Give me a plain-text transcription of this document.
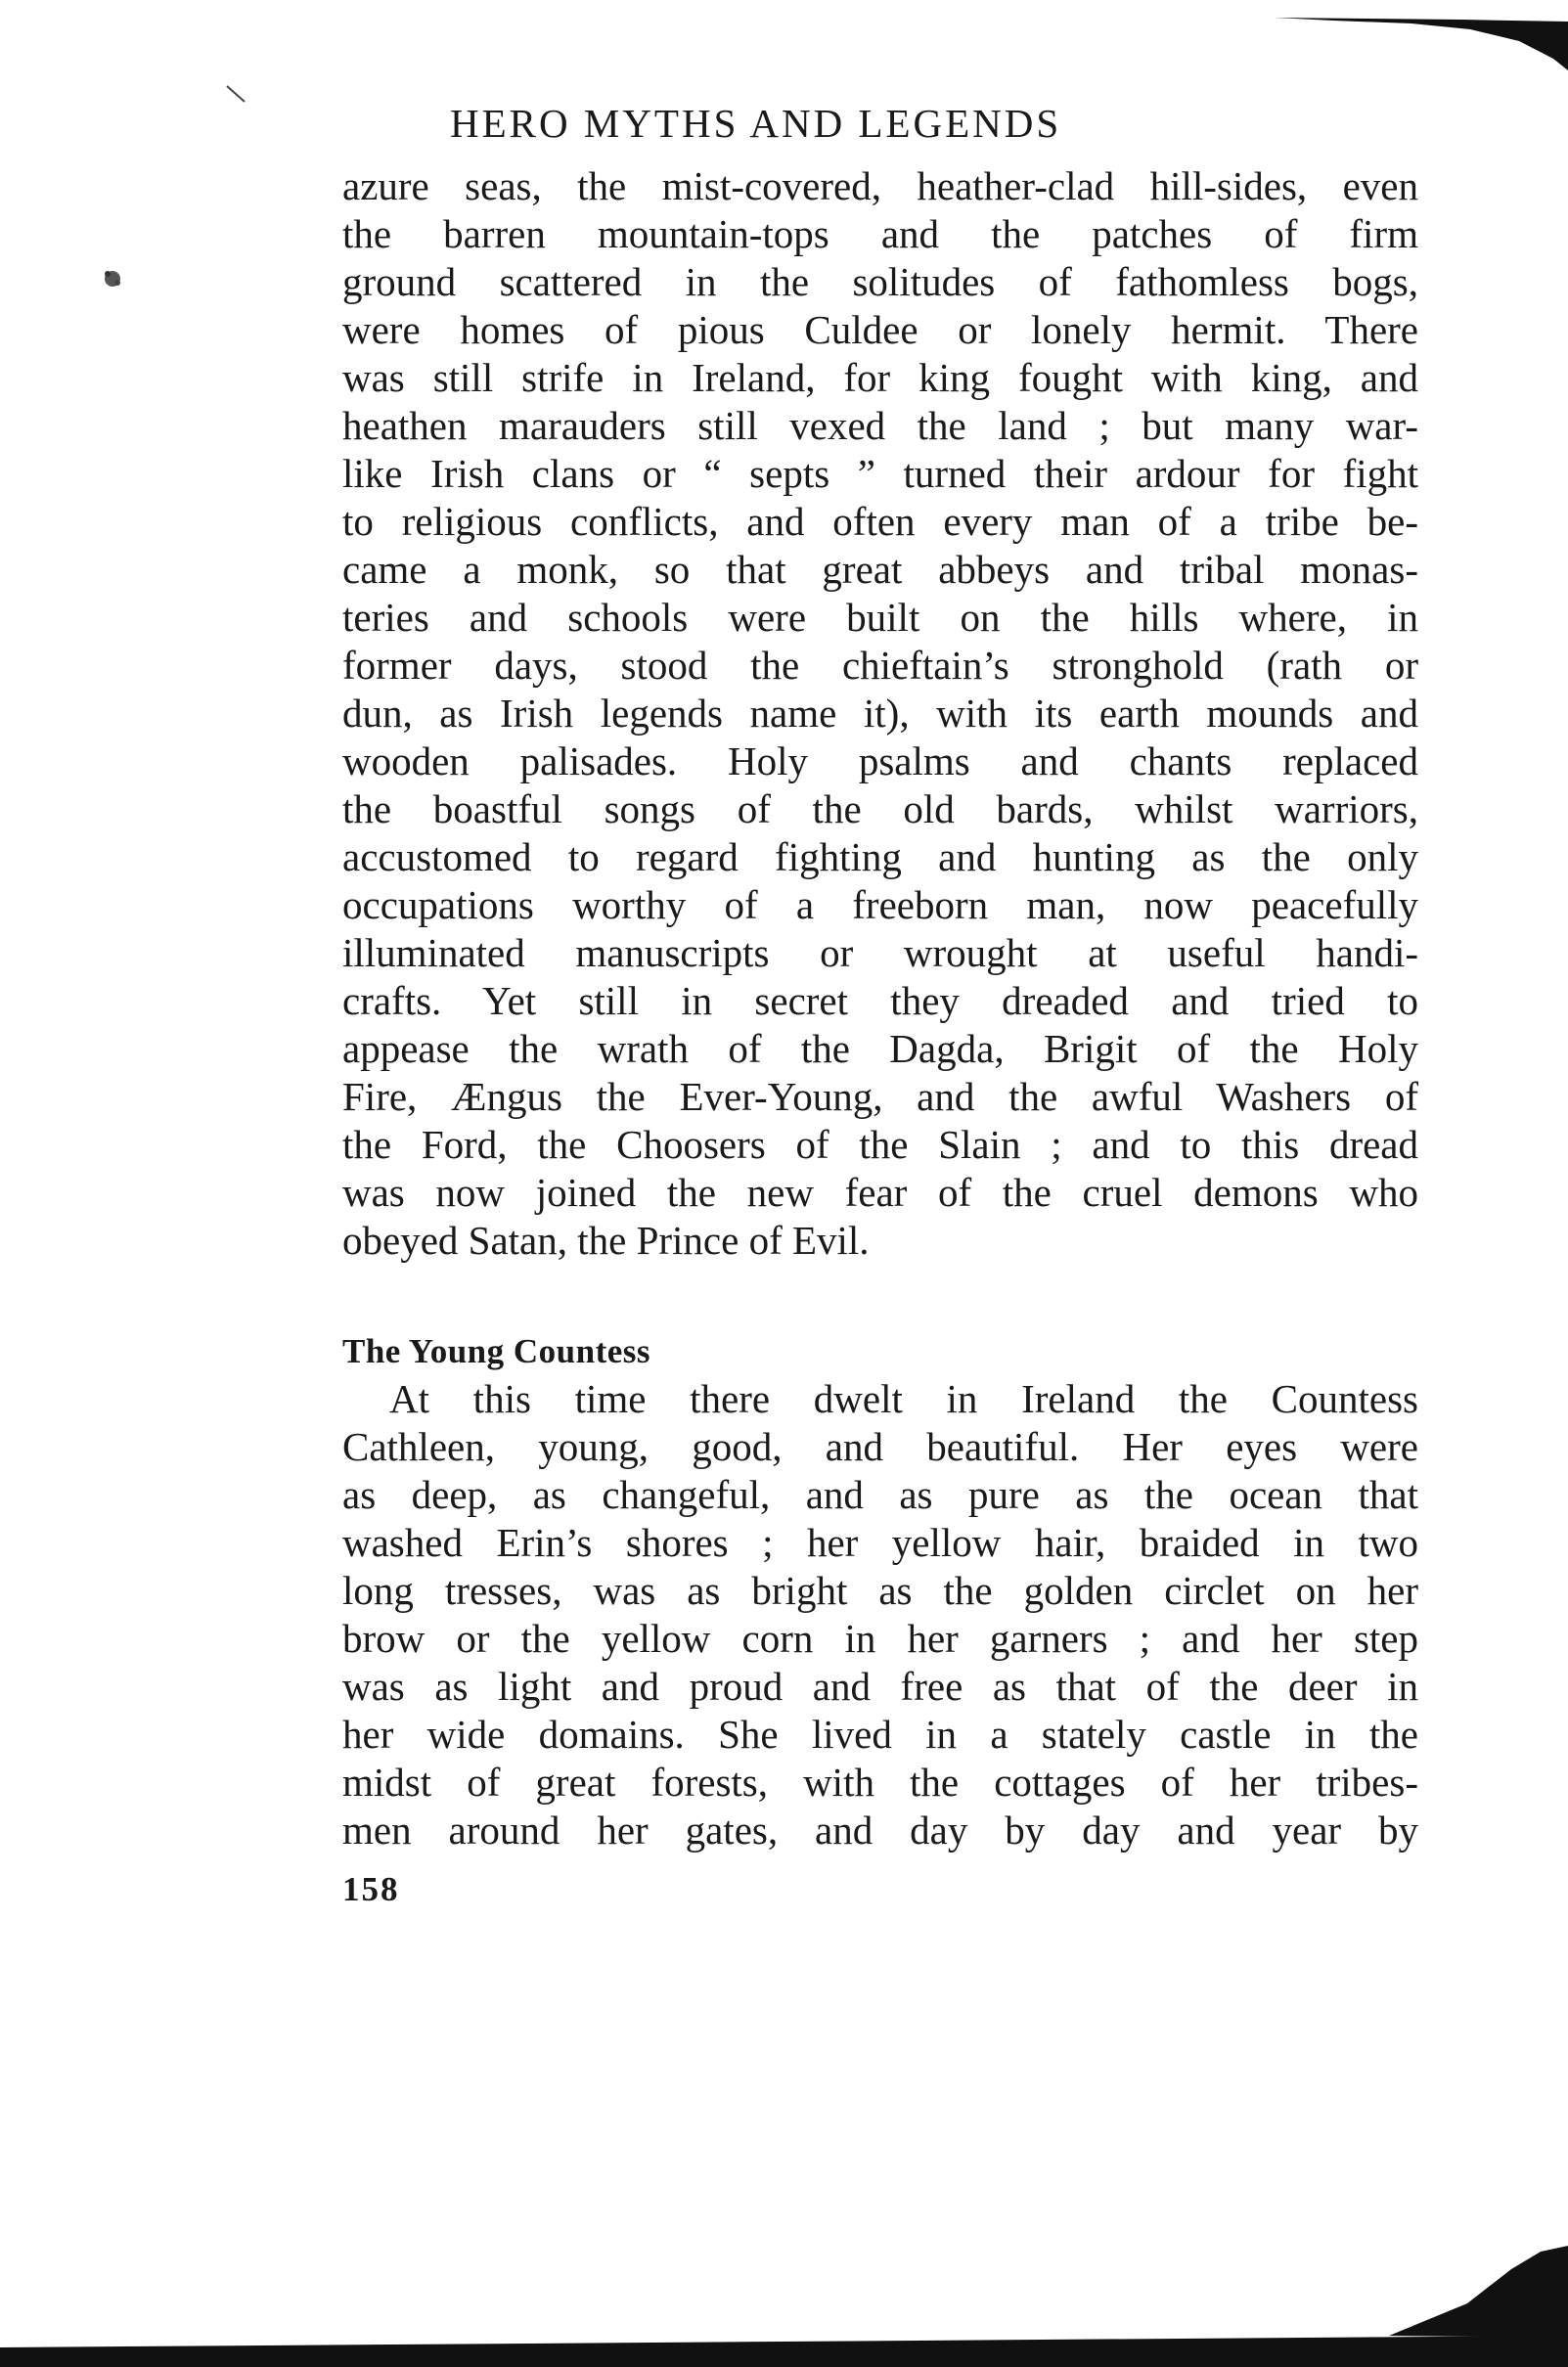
HERO MYTHS AND LEGENDS
azure seas, the mist-covered, heather-clad hill-sides, even
the barren mountain-tops and the patches of firm
ground scattered in the solitudes of fathomless bogs,
were homes of pious Culdee or lonely hermit. There
was still strife in Ireland, for king fought with king, and
heathen marauders still vexed the land ; but many war-
like Irish clans or “ septs ” turned their ardour for fight
to religious conflicts, and often every man of a tribe be-
came a monk, so that great abbeys and tribal monas-
teries and schools were built on the hills where, in
former days, stood the chieftain’s stronghold (rath or
dun, as Irish legends name it), with its earth mounds and
wooden palisades. Holy psalms and chants replaced
the boastful songs of the old bards, whilst warriors,
accustomed to regard fighting and hunting as the only
occupations worthy of a freeborn man, now peacefully
illuminated manuscripts or wrought at useful handi-
crafts. Yet still in secret they dreaded and tried to
appease the wrath of the Dagda, Brigit of the Holy
Fire, Ængus the Ever-Young, and the awful Washers of
the Ford, the Choosers of the Slain ; and to this dread
was now joined the new fear of the cruel demons who
obeyed Satan, the Prince of Evil.
The Young Countess
At this time there dwelt in Ireland the Countess
Cathleen, young, good, and beautiful. Her eyes were
as deep, as changeful, and as pure as the ocean that
washed Erin’s shores ; her yellow hair, braided in two
long tresses, was as bright as the golden circlet on her
brow or the yellow corn in her garners ; and her step
was as light and proud and free as that of the deer in
her wide domains. She lived in a stately castle in the
midst of great forests, with the cottages of her tribes-
men around her gates, and day by day and year by
158
